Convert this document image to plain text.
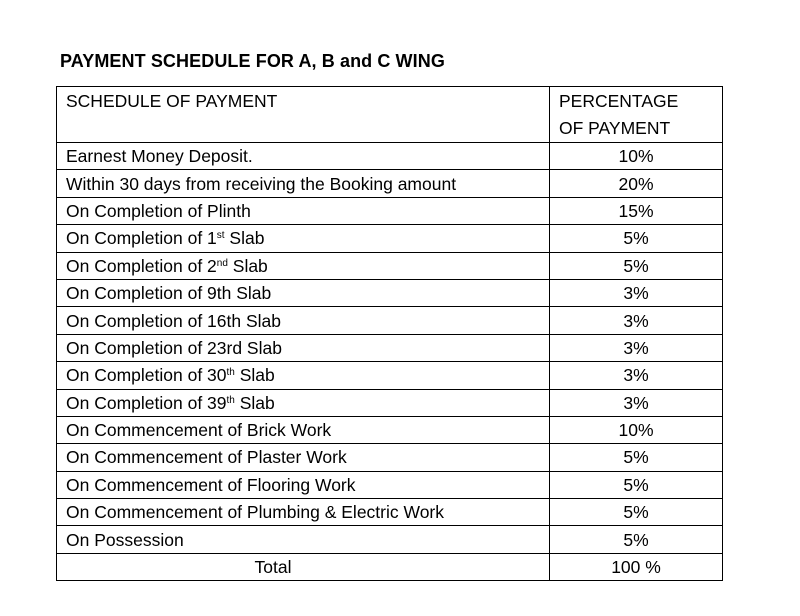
PAYMENT SCHEDULE FOR A, B and C WING
SCHEDULE OF PAYMENT	PERCENTAGE
OF PAYMENT
Earnest Money Deposit.	10%
Within 30 days from receiving the Booking amount	20%
On Completion of Plinth	15%
On Completion of 1st Slab	5%
On Completion of 2nd Slab	5%
On Completion of 9th Slab	3%
On Completion of 16th Slab	3%
On Completion of 23rd Slab	3%
On Completion of 30th Slab	3%
On Completion of 39th Slab	3%
On Commencement of Brick Work	10%
On Commencement of Plaster Work	5%
On Commencement of Flooring Work	5%
On Commencement of Plumbing & Electric Work	5%
On Possession	5%
Total	100 %
